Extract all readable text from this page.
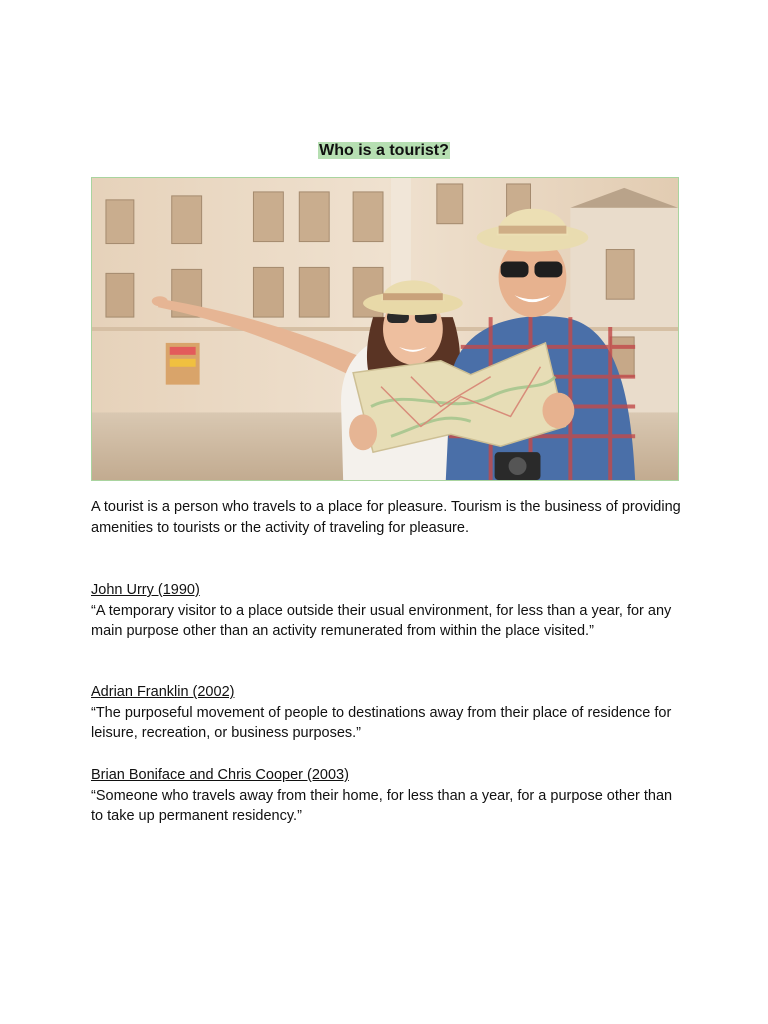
Who is a tourist?

A tourist is a person who travels to a place for pleasure. Tourism is the business of providing amenities to tourists or the activity of traveling for pleasure.

John Urry (1990)

“A temporary visitor to a place outside their usual environment, for less than a year, for any main purpose other than an activity remunerated from within the place visited.”

Adrian Franklin (2002)

“The purposeful movement of people to destinations away from their place of residence for leisure, recreation, or business purposes.”

Brian Boniface and Chris Cooper (2003)

“Someone who travels away from their home, for less than a year, for a purpose other than to take up permanent residency.”
